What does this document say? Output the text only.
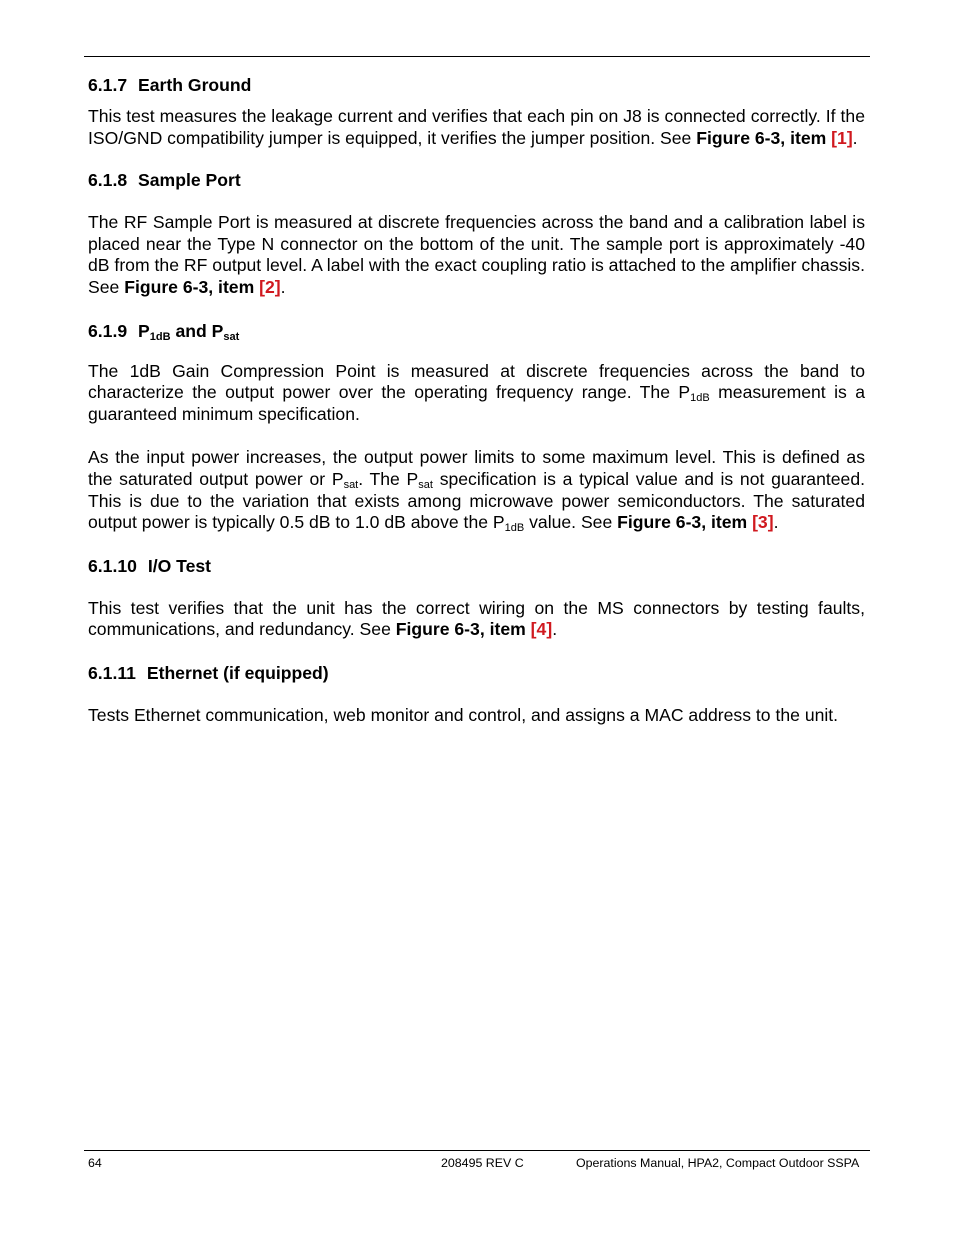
6.1.7 Earth Ground

This test measures the leakage current and verifies that each pin on J8 is connected correctly. If the ISO/GND compatibility jumper is equipped, it verifies the jumper position. See Figure 6-3, item [1].

6.1.8 Sample Port

The RF Sample Port is measured at discrete frequencies across the band and a calibration label is placed near the Type N connector on the bottom of the unit. The sample port is approximately -40 dB from the RF output level. A label with the exact coupling ratio is attached to the amplifier chassis. See Figure 6-3, item [2].

6.1.9 $P_{1dB}$ and $P_{sat}$

The 1dB Gain Compression Point is measured at discrete frequencies across the band to characterize the output power over the operating frequency range. The $P_{1dB}$ measurement is a guaranteed minimum specification.

As the input power increases, the output power limits to some maximum level. This is defined as the saturated output power or $P_{sat}$. The $P_{sat}$ specification is a typical value and is not guaranteed. This is due to the variation that exists among microwave power semiconductors. The saturated output power is typically 0.5 dB to 1.0 dB above the $P_{1dB}$ value. See Figure 6-3, item [3].

6.1.10 I/O Test

This test verifies that the unit has the correct wiring on the MS connectors by testing faults, communications, and redundancy. See Figure 6-3, item [4].

6.1.11 Ethernet (if equipped)

Tests Ethernet communication, web monitor and control, and assigns a MAC address to the unit.

64	208495 REV C	Operations Manual, HPA2, Compact Outdoor SSPA
